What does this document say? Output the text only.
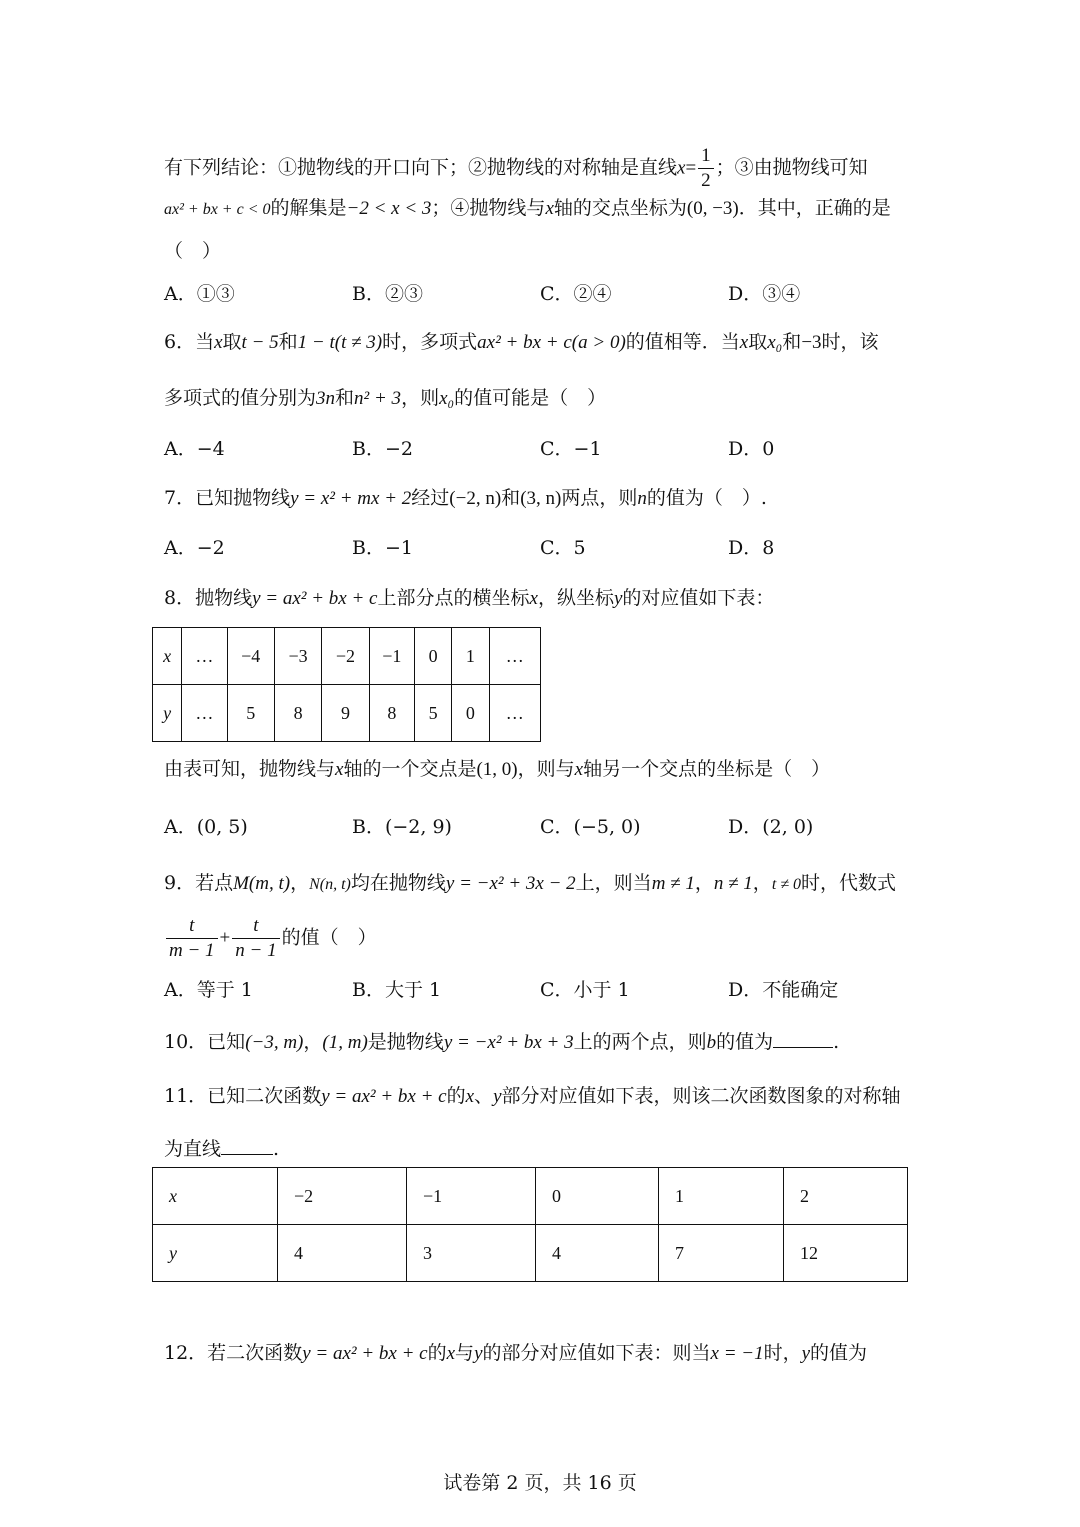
有下列结论：①抛物线的开口向下；②抛物线的对称轴是直线$x= \frac{1}{2}$ ；③由抛物线可知
ax² + bx + c < 0的解集是−2 < x < 3；④抛物线与x轴的交点坐标为(0, −3)．其中，正确的是
（　）
A．①③	B．②③	C．②④	D．③④
6．当x取t − 5和1 − t(t ≠ 3)时，多项式ax² + bx + c(a > 0)的值相等．当x取x₀和−3时，该
多项式的值分别为3n和n² + 3，则x₀的值可能是（　）
A．−4	B．−2	C．−1	D．0
7．已知抛物线y = x² + mx + 2经过(−2, n)和(3, n)两点，则n的值为（　）.
A．−2	B．−1	C．5	D．8
8．抛物线y = ax² + bx + c上部分点的横坐标x，纵坐标y的对应值如下表：
x	…	−4	−3	−2	−1	0	1	…
y	…	5	8	9	8	5	0	…
由表可知，抛物线与x轴的一个交点是(1, 0)，则与x轴另一个交点的坐标是（　）
A．(0, 5)	B．(−2, 9)	C．(−5, 0)	D．(2, 0)
9．若点M(m, t)，N(n, t)均在抛物线y = −x² + 3x − 2上，则当m ≠ 1，n ≠ 1，t ≠ 0时，代数式
$\frac{t}{m - 1} + \frac{t}{n - 1}$ 的值（　）
A．等于 1	B．大于 1	C．小于 1	D．不能确定
10．已知(−3, m)，(1, m)是抛物线y = −x² + bx + 3上的两个点，则b的值为	.
11．已知二次函数y = ax² + bx + c的x、y部分对应值如下表，则该二次函数图象的对称轴
为直线	.
x	−2	−1	0	1	2
y	4	3	4	7	12
12．若二次函数y = ax² + bx + c的x与y的部分对应值如下表：则当x = −1时，y的值为
试卷第 2 页，共 16 页
